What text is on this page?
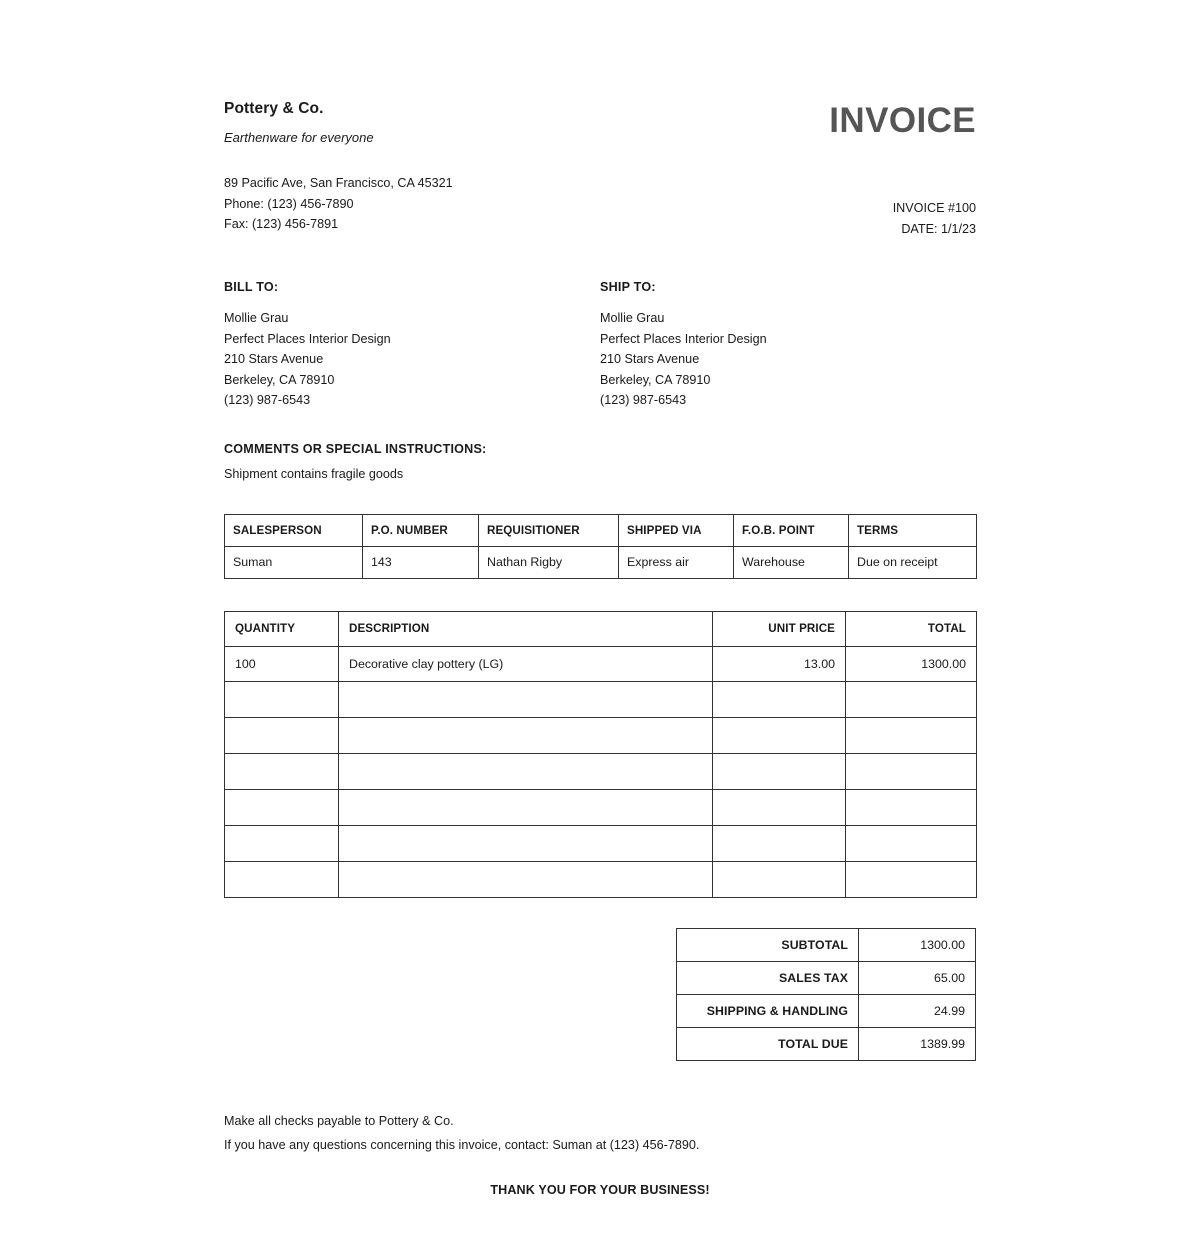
Pottery & Co.
Earthenware for everyone
89 Pacific Ave, San Francisco, CA 45321
Phone: (123) 456-7890
Fax: (123) 456-7891
INVOICE
INVOICE #100
DATE: 1/1/23
BILL TO:
Mollie Grau
Perfect Places Interior Design
210 Stars Avenue
Berkeley, CA 78910
(123) 987-6543
SHIP TO:
Mollie Grau
Perfect Places Interior Design
210 Stars Avenue
Berkeley, CA 78910
(123) 987-6543
COMMENTS OR SPECIAL INSTRUCTIONS:
Shipment contains fragile goods
SALESPERSON	P.O. NUMBER	REQUISITIONER	SHIPPED VIA	F.O.B. POINT	TERMS
Suman	143	Nathan Rigby	Express air	Warehouse	Due on receipt
QUANTITY	DESCRIPTION	UNIT PRICE	TOTAL
100	Decorative clay pottery (LG)	13.00	1300.00

SUBTOTAL	1300.00
SALES TAX	65.00
SHIPPING & HANDLING	24.99
TOTAL DUE	1389.99
Make all checks payable to Pottery & Co.
If you have any questions concerning this invoice, contact: Suman at (123) 456-7890.
THANK YOU FOR YOUR BUSINESS!
